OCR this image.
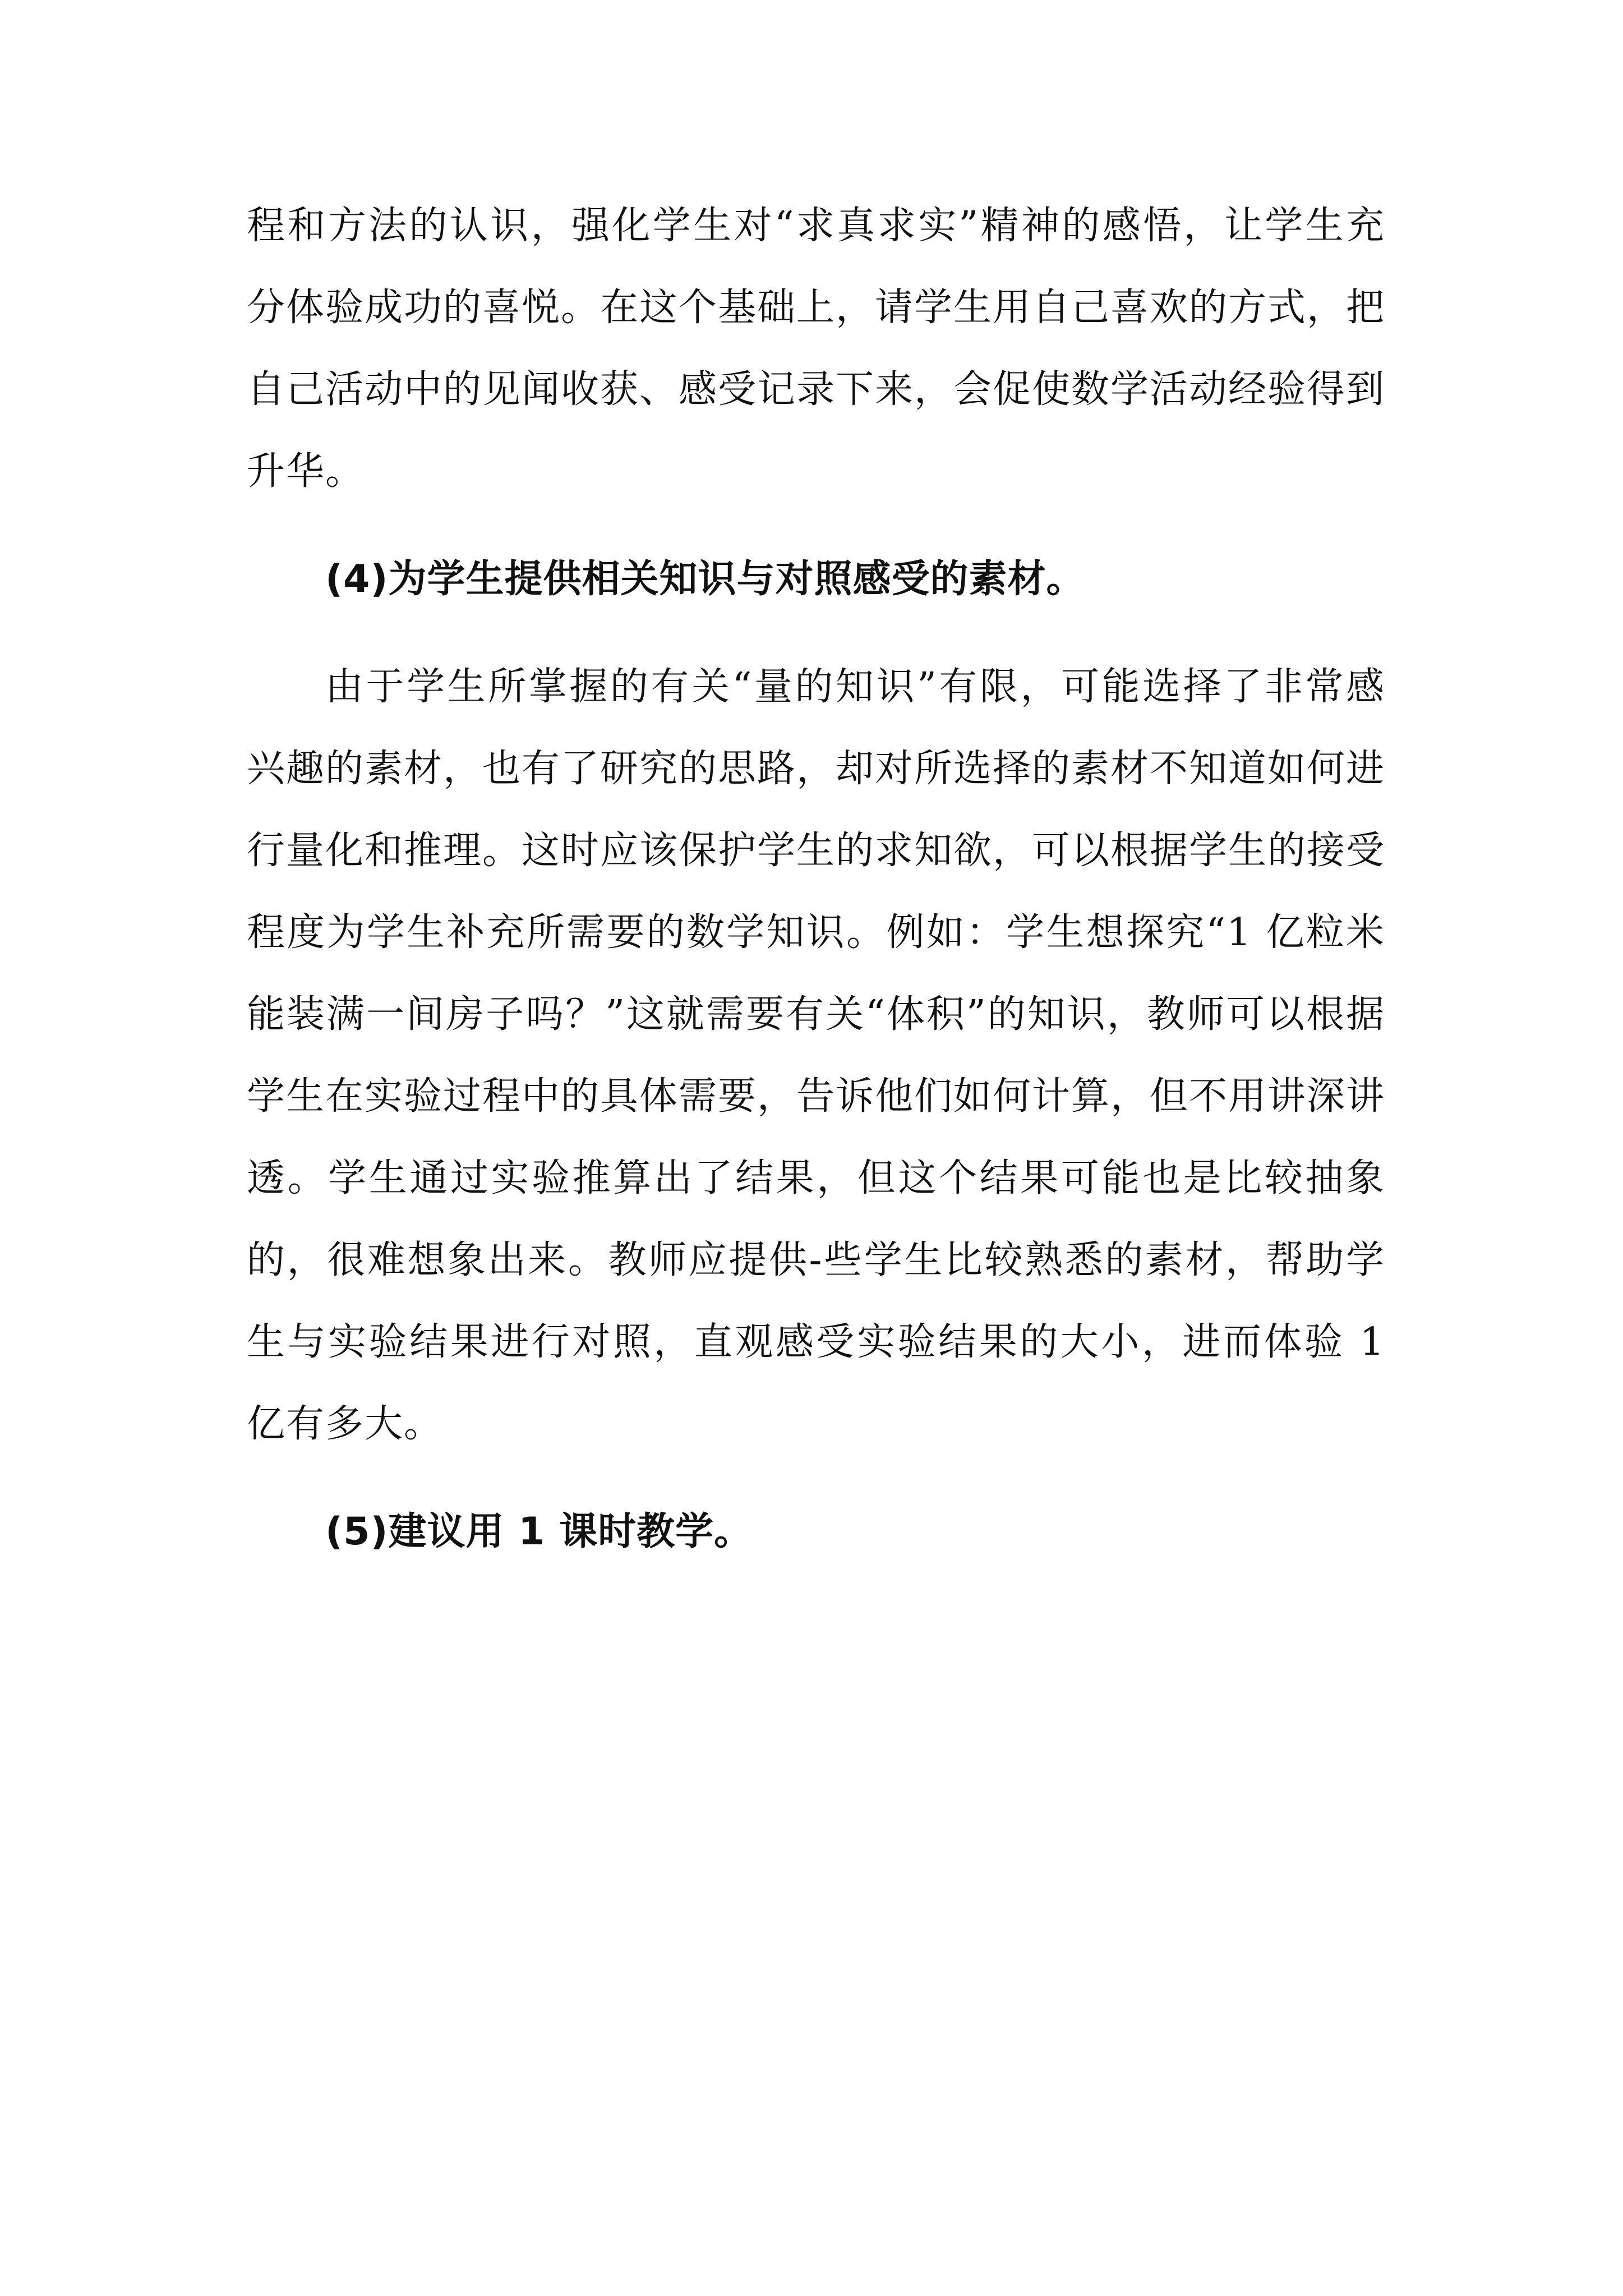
程和方法的认识，强化学生对“求真求实”精神的感悟，让学生充分体验成功的喜悦。在这个基础上，请学生用自己喜欢的方式，把自己活动中的见闻收获、感受记录下来，会促使数学活动经验得到升华。

(4)为学生提供相关知识与对照感受的素材。

由于学生所掌握的有关“量的知识”有限，可能选择了非常感兴趣的素材，也有了研究的思路，却对所选择的素材不知道如何进行量化和推理。这时应该保护学生的求知欲，可以根据学生的接受程度为学生补充所需要的数学知识。例如：学生想探究“1 亿粒米能装满一间房子吗？”这就需要有关“体积”的知识，教师可以根据学生在实验过程中的具体需要，告诉他们如何计算，但不用讲深讲透。学生通过实验推算出了结果，但这个结果可能也是比较抽象的，很难想象出来。教师应提供-些学生比较熟悉的素材，帮助学生与实验结果进行对照，直观感受实验结果的大小，进而体验 1 亿有多大。

(5)建议用 1 课时教学。
